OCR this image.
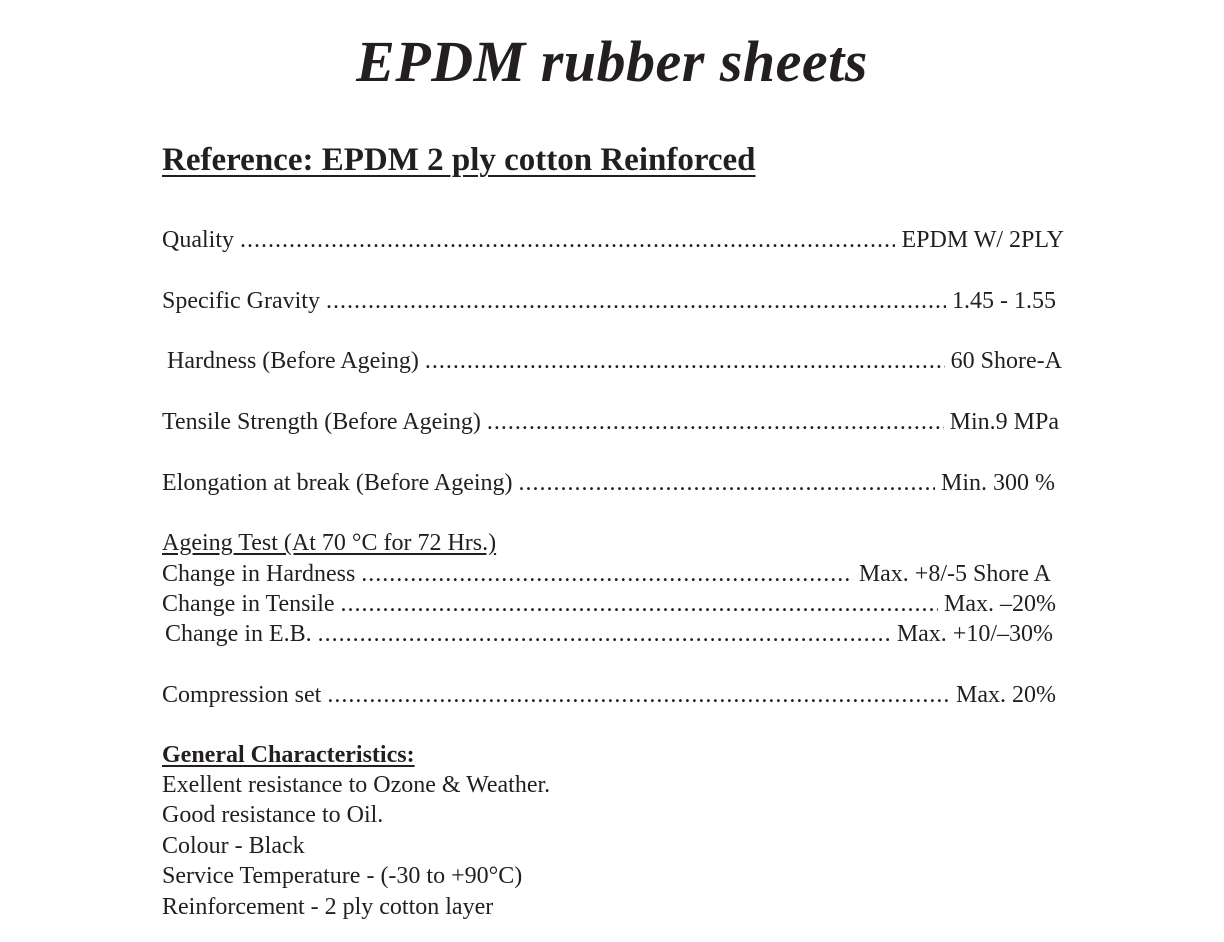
EPDM rubber sheets
Reference: EPDM 2 ply cotton Reinforced
Quality .....	EPDM W/ 2PLY
Specific Gravity .....	1.45 - 1.55
Hardness (Before Ageing) .....	60 Shore-A
Tensile Strength (Before Ageing) .....	Min.9 MPa
Elongation at break (Before Ageing) .....	Min. 300 %
Ageing Test (At 70 °C for 72 Hrs.)
Change in Hardness .....	Max. +8/-5 Shore A
Change in Tensile .....	Max. –20%
Change in E.B. .....	Max. +10/–30%
Compression set .....	Max. 20%
General Characteristics:
Exellent resistance to Ozone & Weather.
Good resistance to Oil.
Colour - Black
Service Temperature - (-30 to +90°C)
Reinforcement - 2 ply cotton layer
